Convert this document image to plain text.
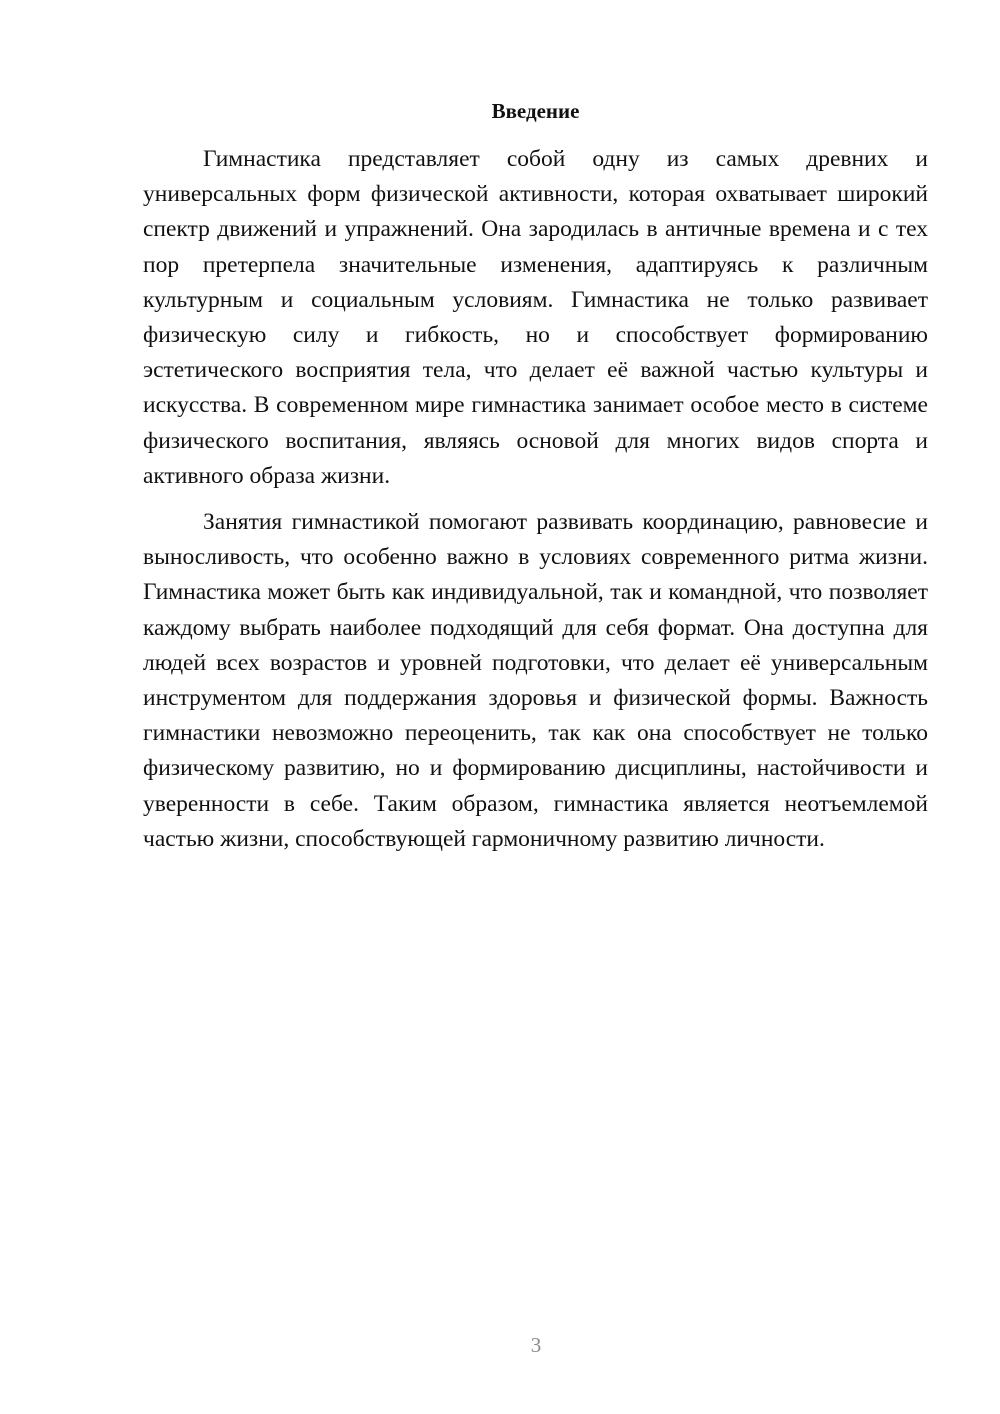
Введение

Гимнастика представляет собой одну из самых древних и универсальных форм физической активности, которая охватывает широкий спектр движений и упражнений. Она зародилась в античные времена и с тех пор претерпела значительные изменения, адаптируясь к различным культурным и социальным условиям. Гимнастика не только развивает физическую силу и гибкость, но и способствует формированию эстетического восприятия тела, что делает её важной частью культуры и искусства. В современном мире гимнастика занимает особое место в системе физического воспитания, являясь основой для многих видов спорта и активного образа жизни.

Занятия гимнастикой помогают развивать координацию, равновесие и выносливость, что особенно важно в условиях современного ритма жизни. Гимнастика может быть как индивидуальной, так и командной, что позволяет каждому выбрать наиболее подходящий для себя формат. Она доступна для людей всех возрастов и уровней подготовки, что делает её универсальным инструментом для поддержания здоровья и физической формы. Важность гимнастики невозможно переоценить, так как она способствует не только физическому развитию, но и формированию дисциплины, настойчивости и уверенности в себе. Таким образом, гимнастика является неотъемлемой частью жизни, способствующей гармоничному развитию личности.

3
